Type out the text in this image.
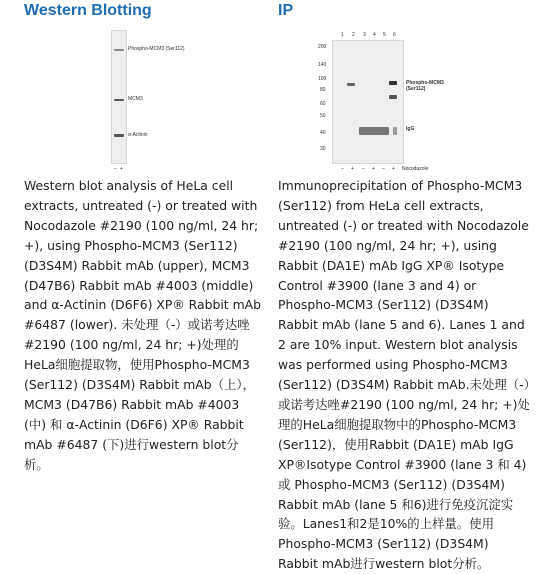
Western Blotting
Phospho-MCM3 (Ser112)
MCM3
α-Actinin
– +
Western blot analysis of HeLa cell extracts, untreated (-) or treated with Nocodazole #2190 (100 ng/ml, 24 hr; +), using Phospho-MCM3 (Ser112) (D3S4M) Rabbit mAb (upper), MCM3 (D47B6) Rabbit mAb #4003 (middle) and α-Actinin (D6F6) XP® Rabbit mAb #6487 (lower). 未处理（-）或诺考达唑#2190 (100 ng/ml, 24 hr; +)处理的HeLa细胞提取物，使用Phospho-MCM3 (Ser112) (D3S4M) Rabbit mAb（上），MCM3 (D47B6) Rabbit mAb #4003 (中) 和 α-Actinin (D6F6) XP® Rabbit mAb #6487 (下)进行western blot分析。
IP
200
140
100
80
60
50
40
30
1 2 3 4 5 6
Phospho-MCM3 (Ser112)
IgG
– + – + – + Nocodazole
Immunoprecipitation of Phospho-MCM3 (Ser112) from HeLa cell extracts, untreated (-) or treated with Nocodazole #2190 (100 ng/ml, 24 hr; +), using Rabbit (DA1E) mAb IgG XP® Isotype Control #3900 (lane 3 and 4) or Phospho-MCM3 (Ser112) (D3S4M) Rabbit mAb (lane 5 and 6). Lanes 1 and 2 are 10% input. Western blot analysis was performed using Phospho-MCM3 (Ser112) (D3S4M) Rabbit mAb.未处理（-）或诺考达唑#2190 (100 ng/ml, 24 hr; +)处理的HeLa细胞提取物中的Phospho-MCM3 (Ser112)，使用Rabbit (DA1E) mAb IgG XP®Isotype Control #3900 (lane 3 和 4) 或 Phospho-MCM3 (Ser112) (D3S4M) Rabbit mAb (lane 5 和6)进行免疫沉淀实验。Lanes1和2是10%的上样量。使用Phospho-MCM3 (Ser112) (D3S4M) Rabbit mAb进行western blot分析。
